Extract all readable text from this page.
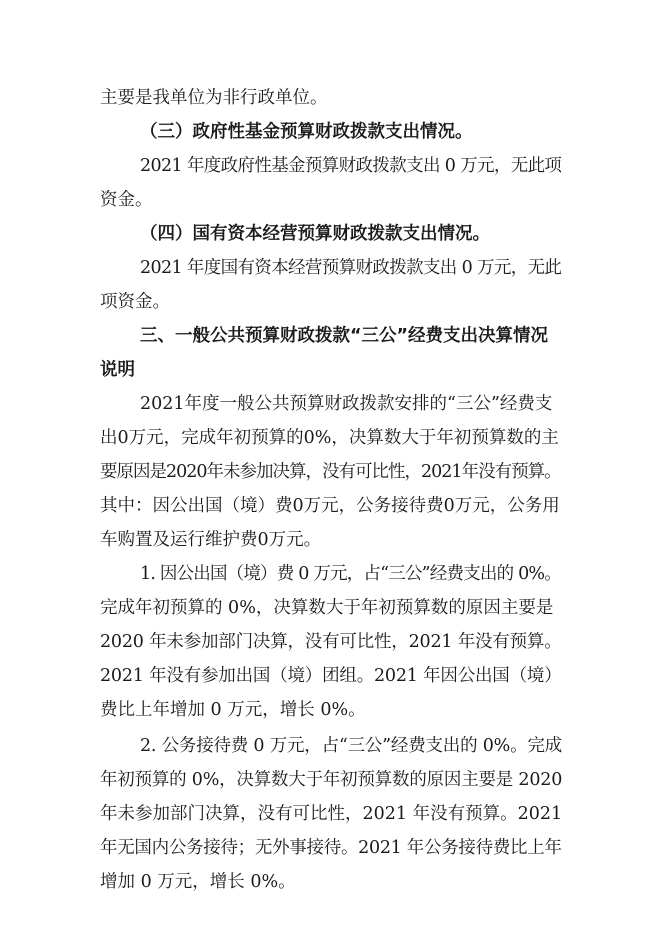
主要是我单位为非行政单位。
（三）政府性基金预算财政拨款支出情况。
2021 年度政府性基金预算财政拨款支出 0 万元，无此项
资金。
（四）国有资本经营预算财政拨款支出情况。
2021 年度国有资本经营预算财政拨款支出 0 万元，无此
项资金。
三、一般公共预算财政拨款“三公”经费支出决算情况
说明
2021年度一般公共预算财政拨款安排的“三公”经费支
出0万元，完成年初预算的0%，决算数大于年初预算数的主
要原因是2020年未参加决算，没有可比性，2021年没有预算。
其中：因公出国（境）费0万元，公务接待费0万元，公务用
车购置及运行维护费0万元。
1. 因公出国（境）费 0 万元，占“三公”经费支出的 0%。
完成年初预算的 0%，决算数大于年初预算数的原因主要是
2020 年未参加部门决算，没有可比性，2021 年没有预算。
2021 年没有参加出国（境）团组。2021 年因公出国（境）
费比上年增加 0 万元，增长 0%。
2. 公务接待费 0 万元，占“三公”经费支出的 0%。完成
年初预算的 0%，决算数大于年初预算数的原因主要是 2020
年未参加部门决算，没有可比性，2021 年没有预算。2021
年无国内公务接待；无外事接待。2021 年公务接待费比上年
增加 0 万元，增长 0%。
